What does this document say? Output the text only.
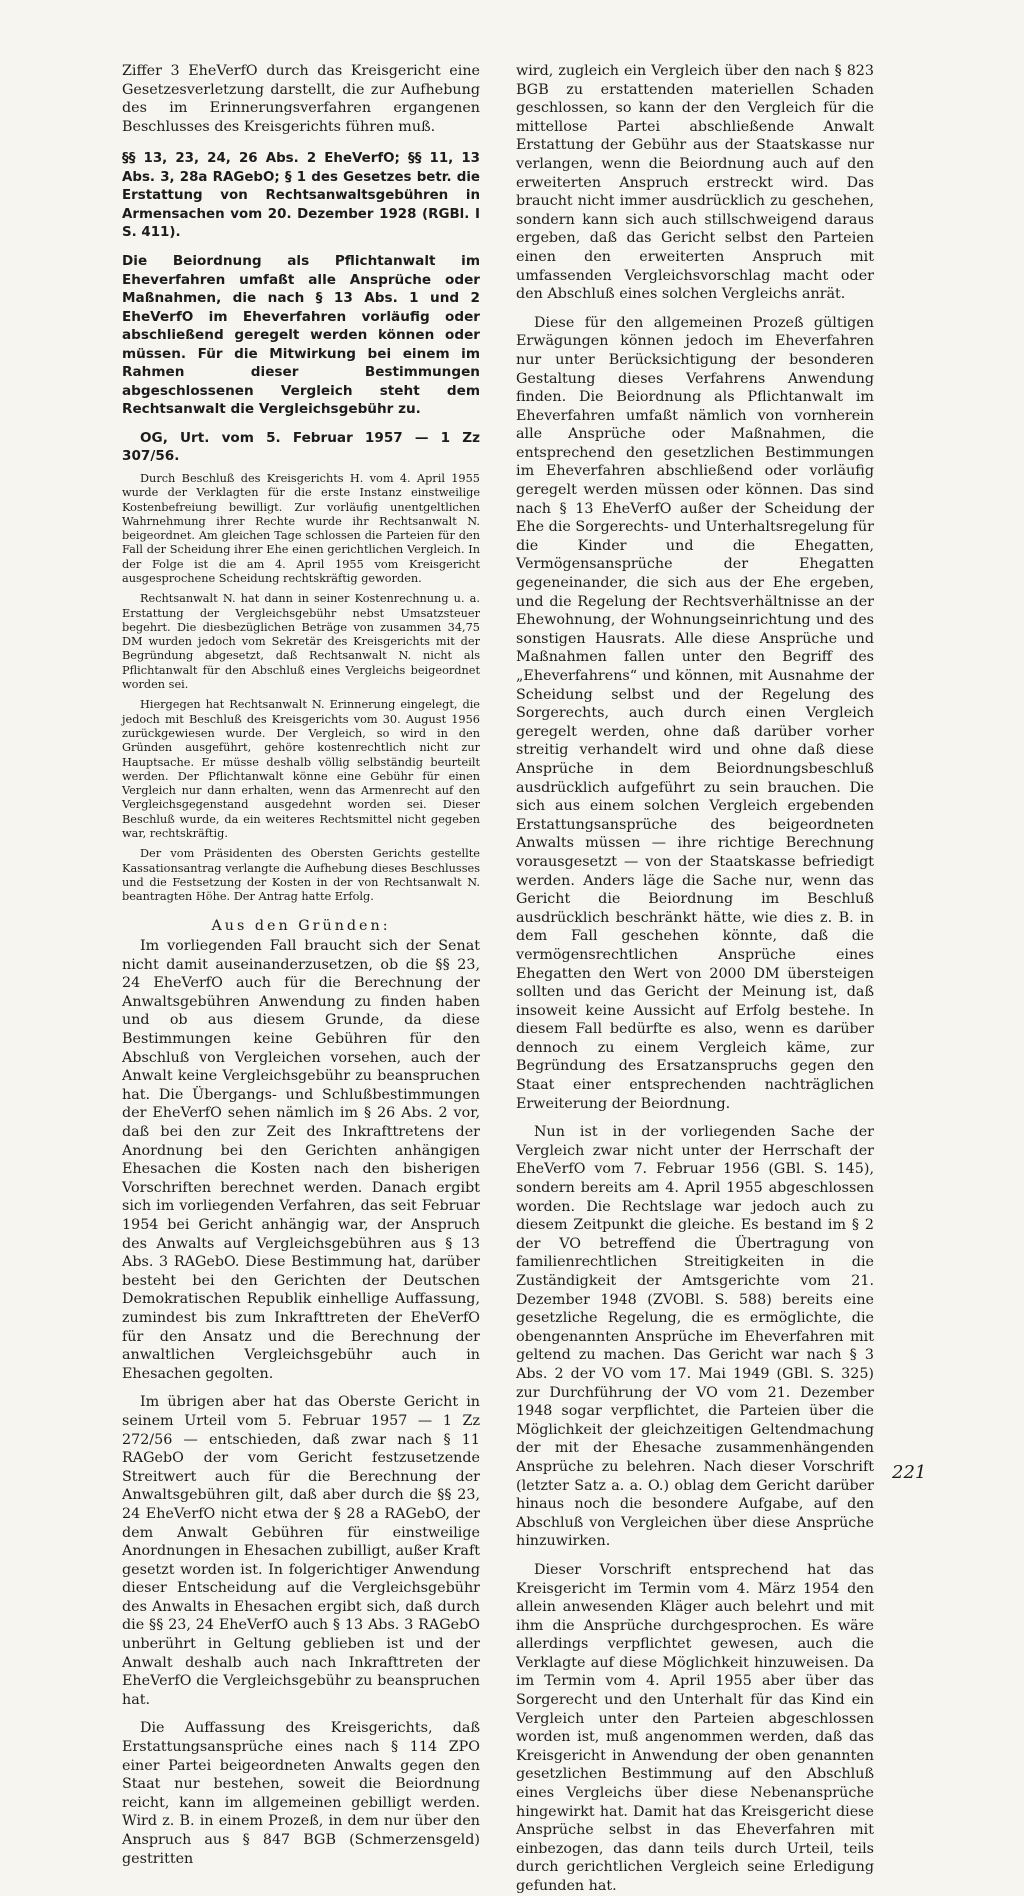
Ziffer 3 EheVerfO durch das Kreisgericht eine Gesetzesverletzung darstellt, die zur Aufhebung des im Erinnerungsverfahren ergangenen Beschlusses des Kreisgerichts führen muß.

§§ 13, 23, 24, 26 Abs. 2 EheVerfO; §§ 11, 13 Abs. 3, 28a RAGebO; § 1 des Gesetzes betr. die Erstattung von Rechtsanwaltsgebühren in Armensachen vom 20. Dezember 1928 (RGBl. I S. 411).

Die Beiordnung als Pflichtanwalt im Eheverfahren umfaßt alle Ansprüche oder Maßnahmen, die nach § 13 Abs. 1 und 2 EheVerfO im Eheverfahren vorläufig oder abschließend geregelt werden können oder müssen. Für die Mitwirkung bei einem im Rahmen dieser Bestimmungen abgeschlossenen Vergleich steht dem Rechtsanwalt die Vergleichsgebühr zu.

OG, Urt. vom 5. Februar 1957 — 1 Zz 307/56.

Durch Beschluß des Kreisgerichts H. vom 4. April 1955 wurde der Verklagten für die erste Instanz einstweilige Kostenbefreiung bewilligt. Zur vorläufig unentgeltlichen Wahrnehmung ihrer Rechte wurde ihr Rechtsanwalt N. beigeordnet. Am gleichen Tage schlossen die Parteien für den Fall der Scheidung ihrer Ehe einen gerichtlichen Vergleich. In der Folge ist die am 4. April 1955 vom Kreisgericht ausgesprochene Scheidung rechtskräftig geworden.

Rechtsanwalt N. hat dann in seiner Kostenrechnung u. a. Erstattung der Vergleichsgebühr nebst Umsatzsteuer begehrt. Die diesbezüglichen Beträge von zusammen 34,75 DM wurden jedoch vom Sekretär des Kreisgerichts mit der Begründung abgesetzt, daß Rechtsanwalt N. nicht als Pflichtanwalt für den Abschluß eines Vergleichs beigeordnet worden sei.

Hiergegen hat Rechtsanwalt N. Erinnerung eingelegt, die jedoch mit Beschluß des Kreisgerichts vom 30. August 1956 zurückgewiesen wurde. Der Vergleich, so wird in den Gründen ausgeführt, gehöre kostenrechtlich nicht zur Hauptsache. Er müsse deshalb völlig selbständig beurteilt werden. Der Pflichtanwalt könne eine Gebühr für einen Vergleich nur dann erhalten, wenn das Armenrecht auf den Vergleichsgegenstand ausgedehnt worden sei. Dieser Beschluß wurde, da ein weiteres Rechtsmittel nicht gegeben war, rechtskräftig.

Der vom Präsidenten des Obersten Gerichts gestellte Kassationsantrag verlangte die Aufhebung dieses Beschlusses und die Festsetzung der Kosten in der von Rechtsanwalt N. beantragten Höhe. Der Antrag hatte Erfolg.

Aus den Gründen:

Im vorliegenden Fall braucht sich der Senat nicht damit auseinanderzusetzen, ob die §§ 23, 24 EheVerfO auch für die Berechnung der Anwaltsgebühren Anwendung zu finden haben und ob aus diesem Grunde, da diese Bestimmungen keine Gebühren für den Abschluß von Vergleichen vorsehen, auch der Anwalt keine Vergleichsgebühr zu beanspruchen hat. Die Übergangs- und Schlußbestimmungen der EheVerfO sehen nämlich im § 26 Abs. 2 vor, daß bei den zur Zeit des Inkrafttretens der Anordnung bei den Gerichten anhängigen Ehesachen die Kosten nach den bisherigen Vorschriften berechnet werden. Danach ergibt sich im vorliegenden Verfahren, das seit Februar 1954 bei Gericht anhängig war, der Anspruch des Anwalts auf Vergleichsgebühren aus § 13 Abs. 3 RAGebO. Diese Bestimmung hat, darüber besteht bei den Gerichten der Deutschen Demokratischen Republik einhellige Auffassung, zumindest bis zum Inkrafttreten der EheVerfO für den Ansatz und die Berechnung der anwaltlichen Vergleichsgebühr auch in Ehesachen gegolten.

Im übrigen aber hat das Oberste Gericht in seinem Urteil vom 5. Februar 1957 — 1 Zz 272/56 — entschieden, daß zwar nach § 11 RAGebO der vom Gericht festzusetzende Streitwert auch für die Berechnung der Anwaltsgebühren gilt, daß aber durch die §§ 23, 24 EheVerfO nicht etwa der § 28 a RAGebO, der dem Anwalt Gebühren für einstweilige Anordnungen in Ehesachen zubilligt, außer Kraft gesetzt worden ist. In folgerichtiger Anwendung dieser Entscheidung auf die Vergleichsgebühr des Anwalts in Ehesachen ergibt sich, daß durch die §§ 23, 24 EheVerfO auch § 13 Abs. 3 RAGebO unberührt in Geltung geblieben ist und der Anwalt deshalb auch nach Inkrafttreten der EheVerfO die Vergleichsgebühr zu beanspruchen hat.

Die Auffassung des Kreisgerichts, daß Erstattungsansprüche eines nach § 114 ZPO einer Partei beigeordneten Anwalts gegen den Staat nur bestehen, soweit die Beiordnung reicht, kann im allgemeinen gebilligt werden. Wird z. B. in einem Prozeß, in dem nur über den Anspruch aus § 847 BGB (Schmerzensgeld) gestritten

wird, zugleich ein Vergleich über den nach § 823 BGB zu erstattenden materiellen Schaden geschlossen, so kann der den Vergleich für die mittellose Partei abschließende Anwalt Erstattung der Gebühr aus der Staatskasse nur verlangen, wenn die Beiordnung auch auf den erweiterten Anspruch erstreckt wird. Das braucht nicht immer ausdrücklich zu geschehen, sondern kann sich auch stillschweigend daraus ergeben, daß das Gericht selbst den Parteien einen den erweiterten Anspruch mit umfassenden Vergleichsvorschlag macht oder den Abschluß eines solchen Vergleichs anrät.

Diese für den allgemeinen Prozeß gültigen Erwägungen können jedoch im Eheverfahren nur unter Berücksichtigung der besonderen Gestaltung dieses Verfahrens Anwendung finden. Die Beiordnung als Pflichtanwalt im Eheverfahren umfaßt nämlich von vornherein alle Ansprüche oder Maßnahmen, die entsprechend den gesetzlichen Bestimmungen im Eheverfahren abschließend oder vorläufig geregelt werden müssen oder können. Das sind nach § 13 EheVerfO außer der Scheidung der Ehe die Sorgerechts- und Unterhaltsregelung für die Kinder und die Ehegatten, Vermögensansprüche der Ehegatten gegeneinander, die sich aus der Ehe ergeben, und die Regelung der Rechtsverhältnisse an der Ehewohnung, der Wohnungseinrichtung und des sonstigen Hausrats. Alle diese Ansprüche und Maßnahmen fallen unter den Begriff des „Eheverfahrens“ und können, mit Ausnahme der Scheidung selbst und der Regelung des Sorgerechts, auch durch einen Vergleich geregelt werden, ohne daß darüber vorher streitig verhandelt wird und ohne daß diese Ansprüche in dem Beiordnungsbeschluß ausdrücklich aufgeführt zu sein brauchen. Die sich aus einem solchen Vergleich ergebenden Erstattungsansprüche des beigeordneten Anwalts müssen — ihre richtige Berechnung vorausgesetzt — von der Staatskasse befriedigt werden. Anders läge die Sache nur, wenn das Gericht die Beiordnung im Beschluß ausdrücklich beschränkt hätte, wie dies z. B. in dem Fall geschehen könnte, daß die vermögensrechtlichen Ansprüche eines Ehegatten den Wert von 2000 DM übersteigen sollten und das Gericht der Meinung ist, daß insoweit keine Aussicht auf Erfolg bestehe. In diesem Fall bedürfte es also, wenn es darüber dennoch zu einem Vergleich käme, zur Begründung des Ersatzanspruchs gegen den Staat einer entsprechenden nachträglichen Erweiterung der Beiordnung.

Nun ist in der vorliegenden Sache der Vergleich zwar nicht unter der Herrschaft der EheVerfO vom 7. Februar 1956 (GBl. S. 145), sondern bereits am 4. April 1955 abgeschlossen worden. Die Rechtslage war jedoch auch zu diesem Zeitpunkt die gleiche. Es bestand im § 2 der VO betreffend die Übertragung von familienrechtlichen Streitigkeiten in die Zuständigkeit der Amtsgerichte vom 21. Dezember 1948 (ZVOBl. S. 588) bereits eine gesetzliche Regelung, die es ermöglichte, die obengenannten Ansprüche im Eheverfahren mit geltend zu machen. Das Gericht war nach § 3 Abs. 2 der VO vom 17. Mai 1949 (GBl. S. 325) zur Durchführung der VO vom 21. Dezember 1948 sogar verpflichtet, die Parteien über die Möglichkeit der gleichzeitigen Geltendmachung der mit der Ehesache zusammenhängenden Ansprüche zu belehren. Nach dieser Vorschrift (letzter Satz a. a. O.) oblag dem Gericht darüber hinaus noch die besondere Aufgabe, auf den Abschluß von Vergleichen über diese Ansprüche hinzuwirken.

Dieser Vorschrift entsprechend hat das Kreisgericht im Termin vom 4. März 1954 den allein anwesenden Kläger auch belehrt und mit ihm die Ansprüche durchgesprochen. Es wäre allerdings verpflichtet gewesen, auch die Verklagte auf diese Möglichkeit hinzuweisen. Da im Termin vom 4. April 1955 aber über das Sorgerecht und den Unterhalt für das Kind ein Vergleich unter den Parteien abgeschlossen worden ist, muß angenommen werden, daß das Kreisgericht in Anwendung der oben genannten gesetzlichen Bestimmung auf den Abschluß eines Vergleichs über diese Nebenansprüche hingewirkt hat. Damit hat das Kreisgericht diese Ansprüche selbst in das Eheverfahren mit einbezogen, das dann teils durch Urteil, teils durch gerichtlichen Vergleich seine Erledigung gefunden hat.

221
